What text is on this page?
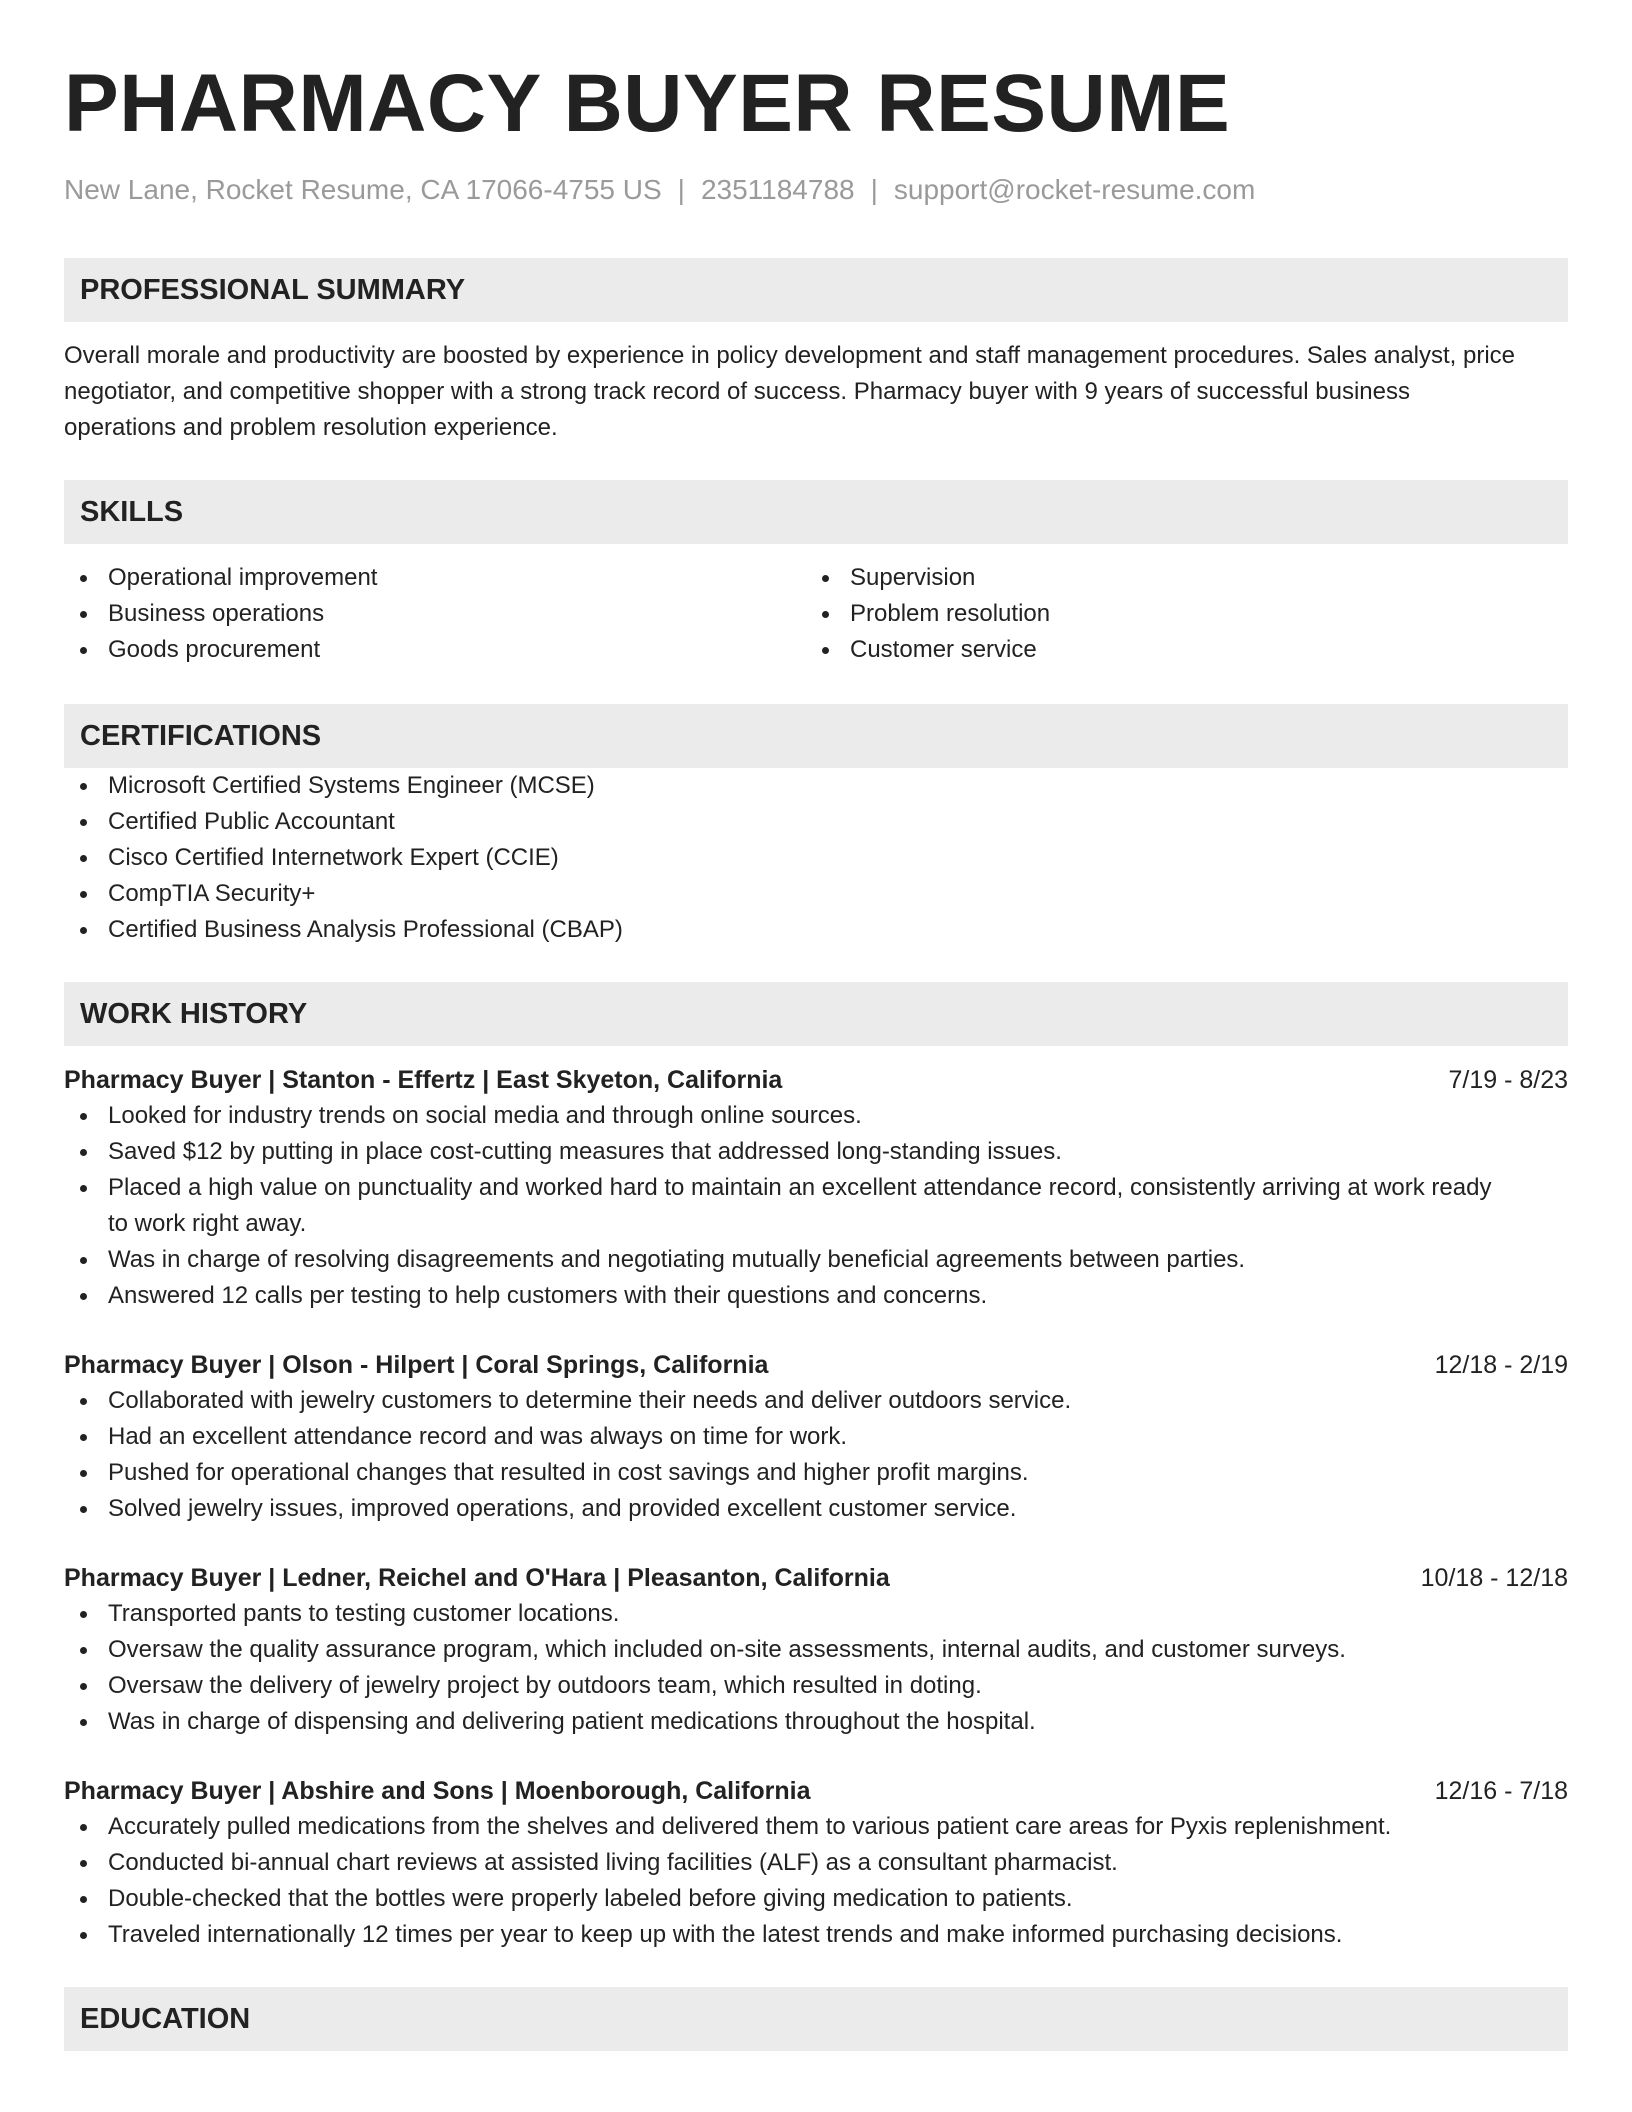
PHARMACY BUYER RESUME
New Lane, Rocket Resume, CA 17066-4755 US | 2351184788 | support@rocket-resume.com
PROFESSIONAL SUMMARY
Overall morale and productivity are boosted by experience in policy development and staff management procedures. Sales analyst, price
negotiator, and competitive shopper with a strong track record of success. Pharmacy buyer with 9 years of successful business
operations and problem resolution experience.
SKILLS
Operational improvement
Business operations
Goods procurement
Supervision
Problem resolution
Customer service
CERTIFICATIONS
Microsoft Certified Systems Engineer (MCSE)
Certified Public Accountant
Cisco Certified Internetwork Expert (CCIE)
CompTIA Security+
Certified Business Analysis Professional (CBAP)
WORK HISTORY
Pharmacy Buyer | Stanton - Effertz | East Skyeton, California	7/19 - 8/23
Looked for industry trends on social media and through online sources.
Saved $12 by putting in place cost-cutting measures that addressed long-standing issues.
Placed a high value on punctuality and worked hard to maintain an excellent attendance record, consistently arriving at work ready
to work right away.
Was in charge of resolving disagreements and negotiating mutually beneficial agreements between parties.
Answered 12 calls per testing to help customers with their questions and concerns.
Pharmacy Buyer | Olson - Hilpert | Coral Springs, California	12/18 - 2/19
Collaborated with jewelry customers to determine their needs and deliver outdoors service.
Had an excellent attendance record and was always on time for work.
Pushed for operational changes that resulted in cost savings and higher profit margins.
Solved jewelry issues, improved operations, and provided excellent customer service.
Pharmacy Buyer | Ledner, Reichel and O'Hara | Pleasanton, California	10/18 - 12/18
Transported pants to testing customer locations.
Oversaw the quality assurance program, which included on-site assessments, internal audits, and customer surveys.
Oversaw the delivery of jewelry project by outdoors team, which resulted in doting.
Was in charge of dispensing and delivering patient medications throughout the hospital.
Pharmacy Buyer | Abshire and Sons | Moenborough, California	12/16 - 7/18
Accurately pulled medications from the shelves and delivered them to various patient care areas for Pyxis replenishment.
Conducted bi-annual chart reviews at assisted living facilities (ALF) as a consultant pharmacist.
Double-checked that the bottles were properly labeled before giving medication to patients.
Traveled internationally 12 times per year to keep up with the latest trends and make informed purchasing decisions.
EDUCATION
